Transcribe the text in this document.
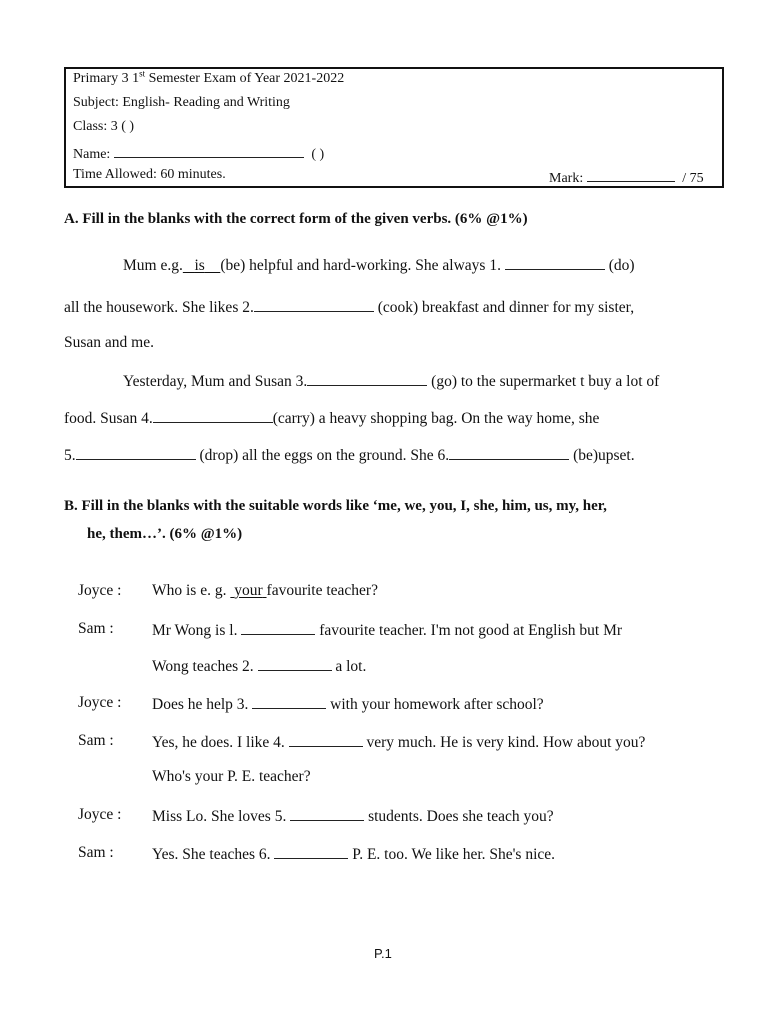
Primary 3 1st Semester Exam of Year 2021-2022
Subject: English- Reading and Writing
Class: 3 ( )
Name:	( )
Time Allowed: 60 minutes.	Mark:	/ 75
A. Fill in the blanks with the correct form of the given verbs. (6% @1%)
Mum e.g. is (be) helpful and hard-working. She always 1.	(do)
all the housework. She likes 2.	(cook) breakfast and dinner for my sister,
Susan and me.
Yesterday, Mum and Susan 3.	(go) to the supermarket t buy a lot of
food. Susan 4.	(carry) a heavy shopping bag. On the way home, she
5.	(drop) all the eggs on the ground. She 6.	(be)upset.
B. Fill in the blanks with the suitable words like ‘me, we, you, I, she, him, us, my, her,
he, them…’. (6% @1%)
Joyce : Who is e. g. your favourite teacher?
Sam : Mr Wong is l.	favourite teacher. I'm not good at English but Mr
Wong teaches 2.	a lot.
Joyce : Does he help 3.	with your homework after school?
Sam : Yes, he does. I like 4.	very much. He is very kind. How about you?
Who's your P. E. teacher?
Joyce : Miss Lo. She loves 5.	students. Does she teach you?
Sam : Yes. She teaches 6.	P. E. too. We like her. She's nice.
P.1
